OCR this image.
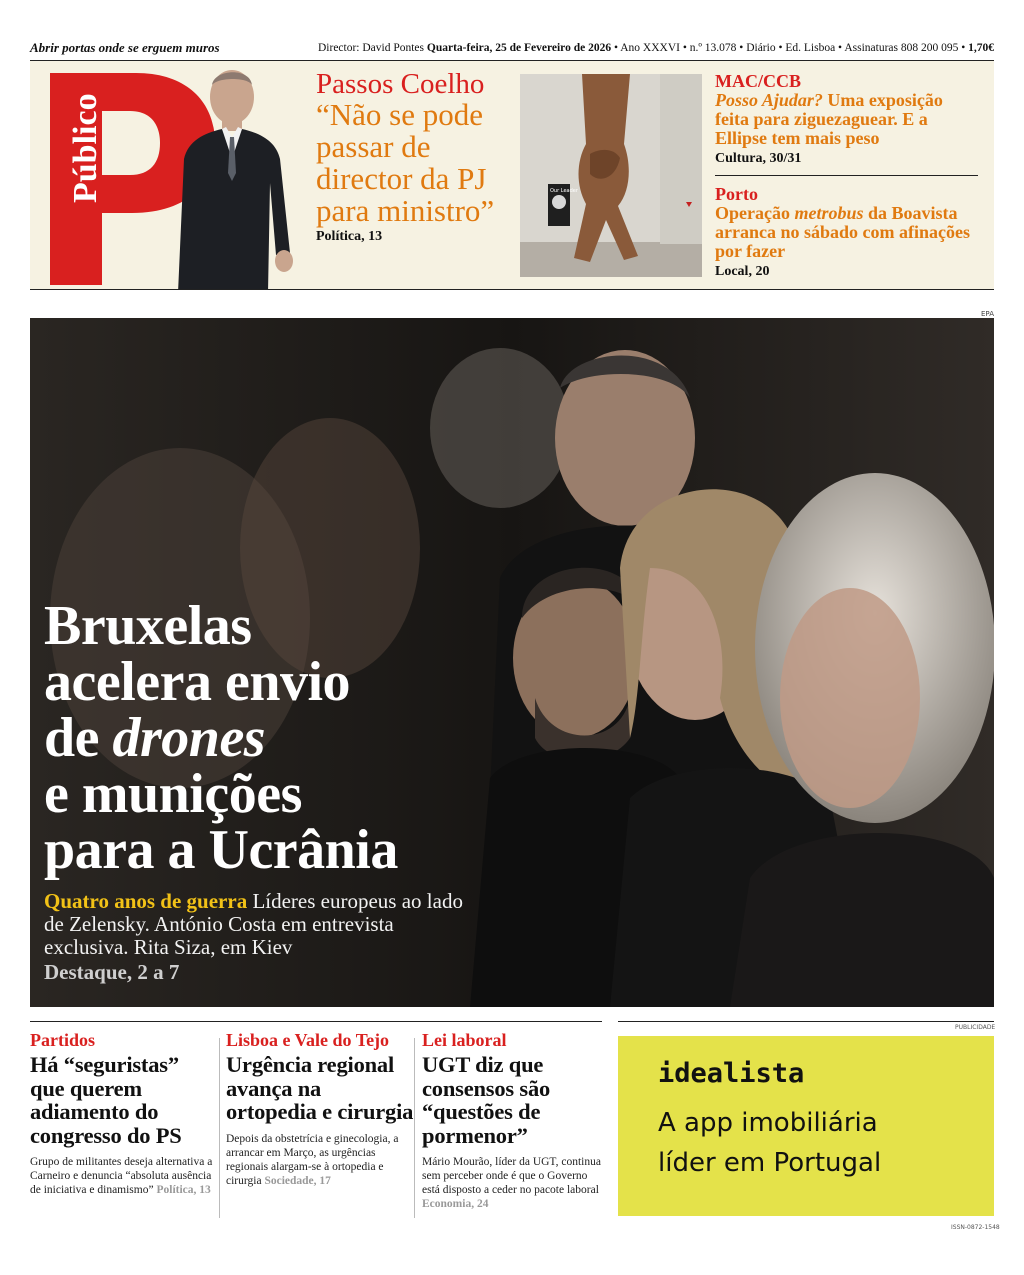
Abrir portas onde se erguem muros	Director: David Pontes Quarta-feira, 25 de Fevereiro de 2026 • Ano XXXVI • n.º 13.078 • Diário • Ed. Lisboa • Assinaturas 808 200 095 • 1,70€
Público
Passos Coelho
“Não se pode passar de director da PJ para ministro”
Política, 13
Our Leader
MAC/CCB
Posso Ajudar? Uma exposição feita para ziguezaguear. E a Ellipse tem mais peso
Cultura, 30/31
Porto
Operação metrobus da Boavista arranca no sábado com afinações por fazer
Local, 20
EPA
Bruxelas
acelera envio
de drones
e munições
para a Ucrânia
Quatro anos de guerra Líderes europeus ao lado de Zelensky. António Costa em entrevista exclusiva. Rita Siza, em Kiev
Destaque, 2 a 7
Partidos
Há “seguristas” que querem adiamento do congresso do PS
Grupo de militantes deseja alternativa a Carneiro e denuncia “absoluta ausência de iniciativa e dinamismo” Política, 13
Lisboa e Vale do Tejo
Urgência regional avança na ortopedia e cirurgia
Depois da obstetrícia e ginecologia, a arrancar em Março, as urgências regionais alargam-se à ortopedia e cirurgia Sociedade, 17
Lei laboral
UGT diz que consensos são “questões de pormenor”
Mário Mourão, líder da UGT, continua sem perceber onde é que o Governo está disposto a ceder no pacote laboral Economia, 24
PUBLICIDADE
idealista
A app imobiliária
líder em Portugal
ISSN-0872-1548
